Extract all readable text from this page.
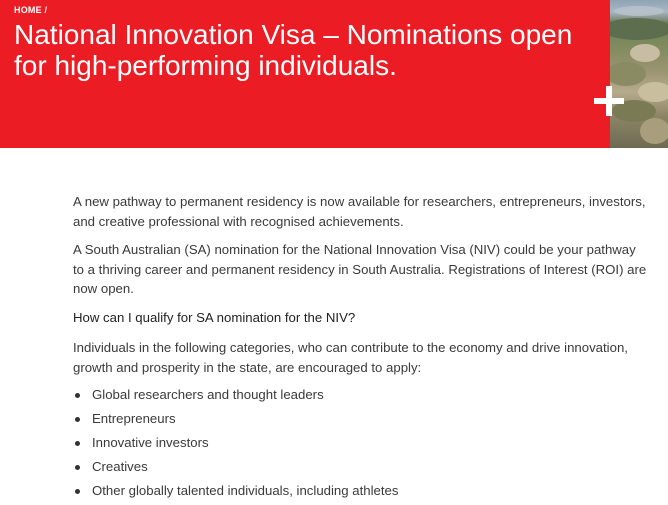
HOME /
National Innovation Visa – Nominations open for high-performing individuals.

A new pathway to permanent residency is now available for researchers, entrepreneurs, investors, and creative professional with recognised achievements.

A South Australian (SA) nomination for the National Innovation Visa (NIV) could be your pathway to a thriving career and permanent residency in South Australia. Registrations of Interest (ROI) are now open.

How can I qualify for SA nomination for the NIV?

Individuals in the following categories, who can contribute to the economy and drive innovation, growth and prosperity in the state, are encouraged to apply:

Global researchers and thought leaders
Entrepreneurs
Innovative investors
Creatives
Other globally talented individuals, including athletes
